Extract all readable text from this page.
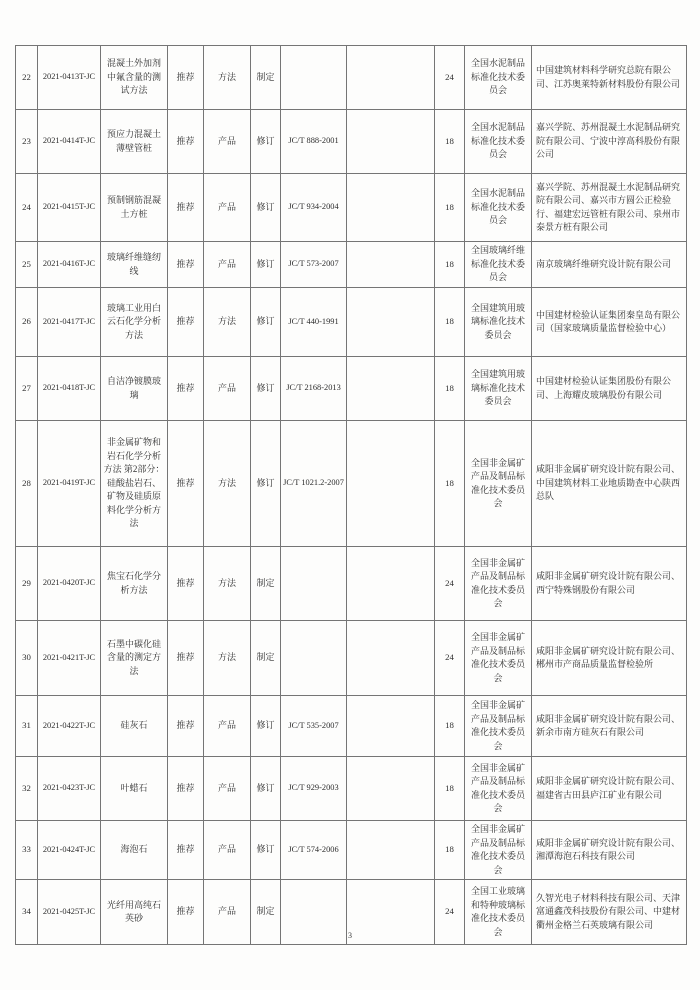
22	2021-0413T-JC	混凝土外加剂中氟含量的测试方法	推荐	方法	制定			24	全国水泥制品标准化技术委员会	中国建筑材料科学研究总院有限公司、江苏奥莱特新材料股份有限公司
23	2021-0414T-JC	预应力混凝土薄壁管桩	推荐	产品	修订	JC/T 888-2001		18	全国水泥制品标准化技术委员会	嘉兴学院、苏州混凝土水泥制品研究院有限公司、宁波中淳高科股份有限公司
24	2021-0415T-JC	预制钢筋混凝土方桩	推荐	产品	修订	JC/T 934-2004		18	全国水泥制品标准化技术委员会	嘉兴学院、苏州混凝土水泥制品研究院有限公司、嘉兴市方圆公正检验行、福建宏远管桩有限公司、泉州市泰景方桩有限公司
25	2021-0416T-JC	玻璃纤维缝纫线	推荐	产品	修订	JC/T 573-2007		18	全国玻璃纤维标准化技术委员会	南京玻璃纤维研究设计院有限公司
26	2021-0417T-JC	玻璃工业用白云石化学分析方法	推荐	方法	修订	JC/T 440-1991		18	全国建筑用玻璃标准化技术委员会	中国建材检验认证集团秦皇岛有限公司（国家玻璃质量监督检验中心）
27	2021-0418T-JC	自洁净镀膜玻璃	推荐	产品	修订	JC/T 2168-2013		18	全国建筑用玻璃标准化技术委员会	中国建材检验认证集团股份有限公司、上海耀皮玻璃股份有限公司
28	2021-0419T-JC	非金属矿物和岩石化学分析方法 第2部分：硅酸盐岩石、矿物及硅质原料化学分析方法	推荐	方法	修订	JC/T 1021.2-2007		18	全国非金属矿产品及制品标准化技术委员会	咸阳非金属矿研究设计院有限公司、中国建筑材料工业地质勘查中心陕西总队
29	2021-0420T-JC	焦宝石化学分析方法	推荐	方法	制定			24	全国非金属矿产品及制品标准化技术委员会	咸阳非金属矿研究设计院有限公司、西宁特殊钢股份有限公司
30	2021-0421T-JC	石墨中碳化硅含量的测定方法	推荐	方法	制定			24	全国非金属矿产品及制品标准化技术委员会	咸阳非金属矿研究设计院有限公司、郴州市产商品质量监督检验所
31	2021-0422T-JC	硅灰石	推荐	产品	修订	JC/T 535-2007		18	全国非金属矿产品及制品标准化技术委员会	咸阳非金属矿研究设计院有限公司、新余市南方硅灰石有限公司
32	2021-0423T-JC	叶蜡石	推荐	产品	修订	JC/T 929-2003		18	全国非金属矿产品及制品标准化技术委员会	咸阳非金属矿研究设计院有限公司、福建省古田县庐江矿业有限公司
33	2021-0424T-JC	海泡石	推荐	产品	修订	JC/T 574-2006		18	全国非金属矿产品及制品标准化技术委员会	咸阳非金属矿研究设计院有限公司、湘潭海泡石科技有限公司
34	2021-0425T-JC	光纤用高纯石英砂	推荐	产品	制定			24	全国工业玻璃和特种玻璃标准化技术委员会	久智光电子材料科技有限公司、天津富通鑫茂科技股份有限公司、中建材衢州金格兰石英玻璃有限公司
3
